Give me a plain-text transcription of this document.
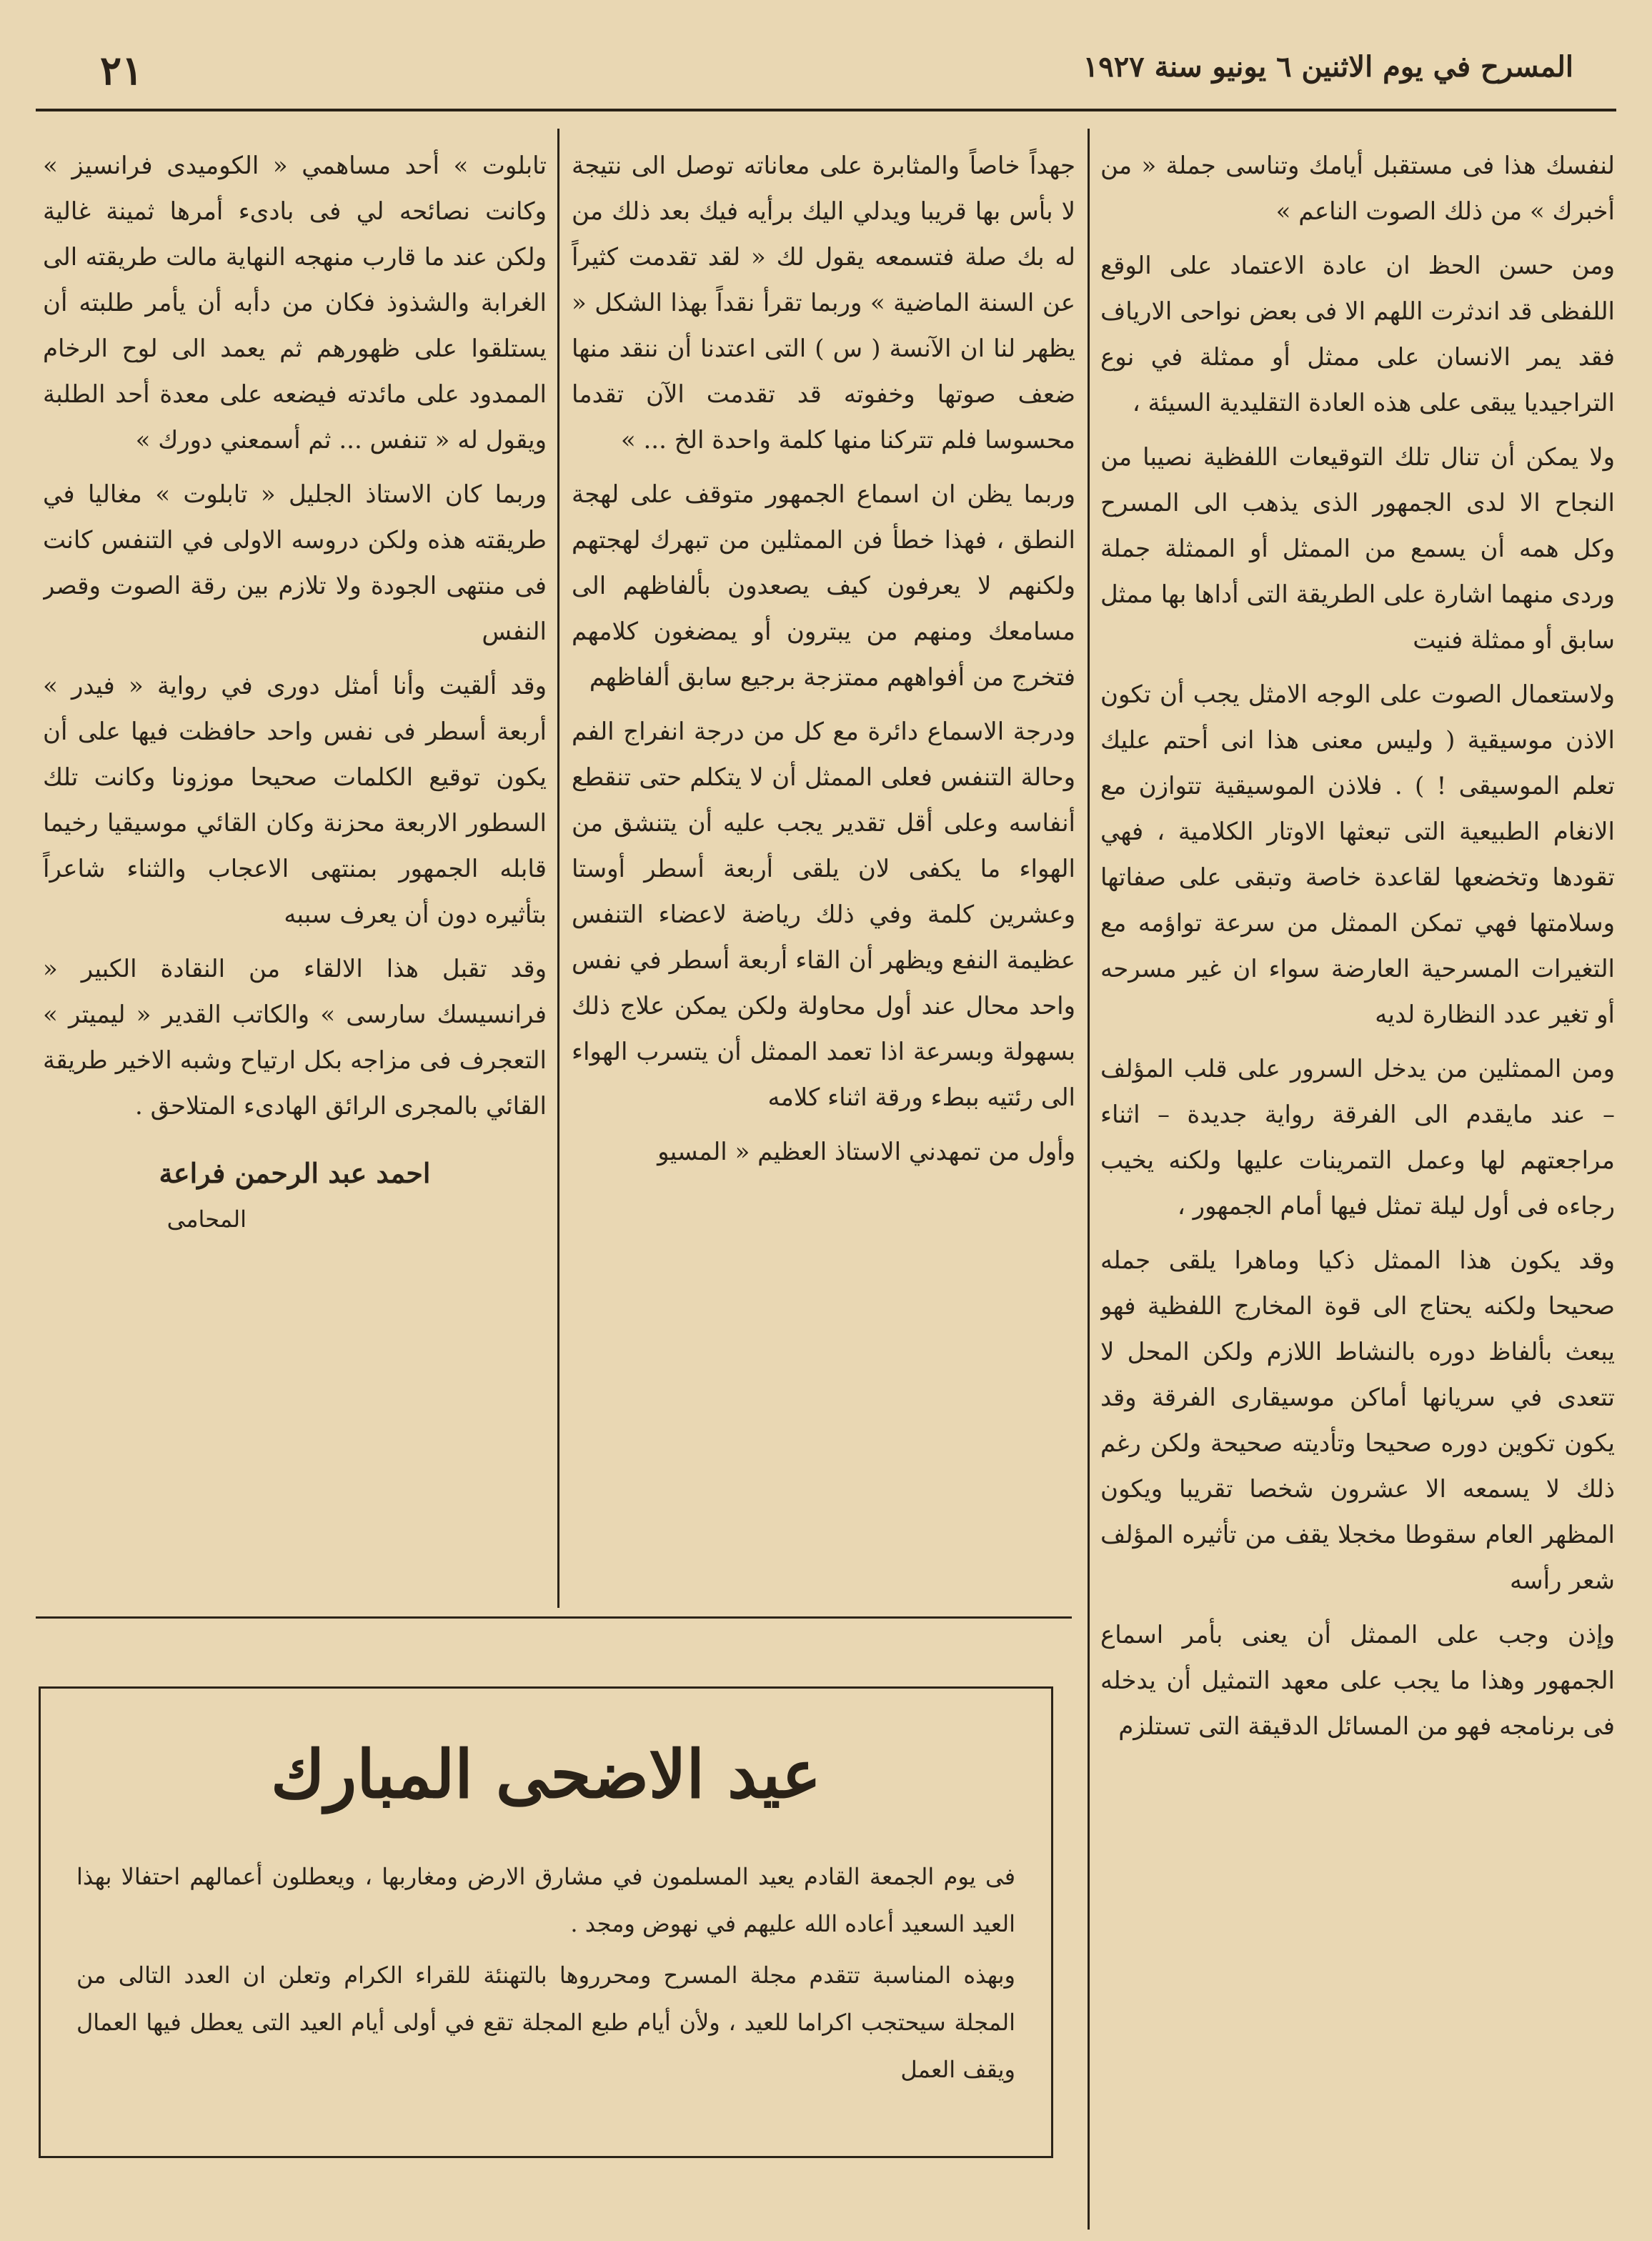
٢١	المسرح في يوم الاثنين ٦ يونيو سنة ١٩٢٧

لنفسك هذا فى مستقبل أيامك وتناسى جملة « من أخبرك » من ذلك الصوت الناعم »

ومن حسن الحظ ان عادة الاعتماد على الوقع اللفظى قد اندثرت اللهم الا فى بعض نواحى الارياف فقد يمر الانسان على ممثل أو ممثلة في نوع التراجيديا يبقى على هذه العادة التقليدية السيئة ،

ولا يمكن أن تنال تلك التوقيعات اللفظية نصيبا من النجاح الا لدى الجمهور الذى يذهب الى المسرح وكل همه أن يسمع من الممثل أو الممثلة جملة وردى منهما اشارة على الطريقة التى أداها بها ممثل سابق أو ممثلة فنيت

ولاستعمال الصوت على الوجه الامثل يجب أن تكون الاذن موسيقية ( وليس معنى هذا انى أحتم عليك تعلم الموسيقى ! ) . فلاذن الموسيقية تتوازن مع الانغام الطبيعية التى تبعثها الاوتار الكلامية ، فهي تقودها وتخضعها لقاعدة خاصة وتبقى على صفاتها وسلامتها فهي تمكن الممثل من سرعة تواؤمه مع التغيرات المسرحية العارضة سواء ان غير مسرحه أو تغير عدد النظارة لديه

ومن الممثلين من يدخل السرور على قلب المؤلف – عند مايقدم الى الفرقة رواية جديدة – اثناء مراجعتهم لها وعمل التمرينات عليها ولكنه يخيب رجاءه فى أول ليلة تمثل فيها أمام الجمهور ،

وقد يكون هذا الممثل ذكيا وماهرا يلقى جمله صحيحا ولكنه يحتاج الى قوة المخارج اللفظية فهو يبعث بألفاظ دوره بالنشاط اللازم ولكن المحل لا تتعدى في سريانها أماكن موسيقارى الفرقة وقد يكون تكوين دوره صحيحا وتأديته صحيحة ولكن رغم ذلك لا يسمعه الا عشرون شخصا تقريبا ويكون المظهر العام سقوطا مخجلا يقف من تأثيره المؤلف شعر رأسه

وإذن وجب على الممثل أن يعنى بأمر اسماع الجمهور وهذا ما يجب على معهد التمثيل أن يدخله فى برنامجه فهو من المسائل الدقيقة التى تستلزم

جهداً خاصاً والمثابرة على معاناته توصل الى نتيجة لا بأس بها قريبا ويدلي اليك برأيه فيك بعد ذلك من له بك صلة فتسمعه يقول لك « لقد تقدمت كثيراً عن السنة الماضية » وربما تقرأ نقداً بهذا الشكل « يظهر لنا ان الآنسة ( س ) التى اعتدنا أن ننقد منها ضعف صوتها وخفوته قد تقدمت الآن تقدما محسوسا فلم تتركنا منها كلمة واحدة الخ ... »

وربما يظن ان اسماع الجمهور متوقف على لهجة النطق ، فهذا خطأ فن الممثلين من تبهرك لهجتهم ولكنهم لا يعرفون كيف يصعدون بألفاظهم الى مسامعك ومنهم من يبترون أو يمضغون كلامهم فتخرج من أفواههم ممتزجة برجيع سابق ألفاظهم

ودرجة الاسماع دائرة مع كل من درجة انفراج الفم وحالة التنفس فعلى الممثل أن لا يتكلم حتى تنقطع أنفاسه وعلى أقل تقدير يجب عليه أن يتنشق من الهواء ما يكفى لان يلقى أربعة أسطر أوستا وعشرين كلمة وفي ذلك رياضة لاعضاء التنفس عظيمة النفع ويظهر أن القاء أربعة أسطر في نفس واحد محال عند أول محاولة ولكن يمكن علاج ذلك بسهولة وبسرعة اذا تعمد الممثل أن يتسرب الهواء الى رئتيه ببطء ورقة اثناء كلامه

وأول من تمهدني الاستاذ العظيم « المسيو

تابلوت » أحد مساهمي « الكوميدى فرانسيز » وكانت نصائحه لي فى بادىء أمرها ثمينة غالية ولكن عند ما قارب منهجه النهاية مالت طريقته الى الغرابة والشذوذ فكان من دأبه أن يأمر طلبته أن يستلقوا على ظهورهم ثم يعمد الى لوح الرخام الممدود على مائدته فيضعه على معدة أحد الطلبة ويقول له « تنفس ... ثم أسمعني دورك »

وربما كان الاستاذ الجليل « تابلوت » مغاليا في طريقته هذه ولكن دروسه الاولى في التنفس كانت فى منتهى الجودة ولا تلازم بين رقة الصوت وقصر النفس

وقد ألقيت وأنا أمثل دورى في رواية « فيدر » أربعة أسطر فى نفس واحد حافظت فيها على أن يكون توقيع الكلمات صحيحا موزونا وكانت تلك السطور الاربعة محزنة وكان القائي موسيقيا رخيما قابله الجمهور بمنتهى الاعجاب والثناء شاعراً بتأثيره دون أن يعرف سببه

وقد تقبل هذا الالقاء من النقادة الكبير « فرانسيسك سارسى » والكاتب القدير « ليميتر » التعجرف فى مزاجه بكل ارتياح وشبه الاخير طريقة القائي بالمجرى الرائق الهادىء المتلاحق .

احمد عبد الرحمن فراعة
المحامى
عيد الاضحى المبارك

فى يوم الجمعة القادم يعيد المسلمون في مشارق الارض ومغاربها ، ويعطلون أعمالهم احتفالا بهذا العيد السعيد أعاده الله عليهم في نهوض ومجد .

وبهذه المناسبة تتقدم مجلة المسرح ومحرروها بالتهنئة للقراء الكرام وتعلن ان العدد التالى من المجلة سيحتجب اكراما للعيد ، ولأن أيام طبع المجلة تقع في أولى أيام العيد التى يعطل فيها العمال ويقف العمل
